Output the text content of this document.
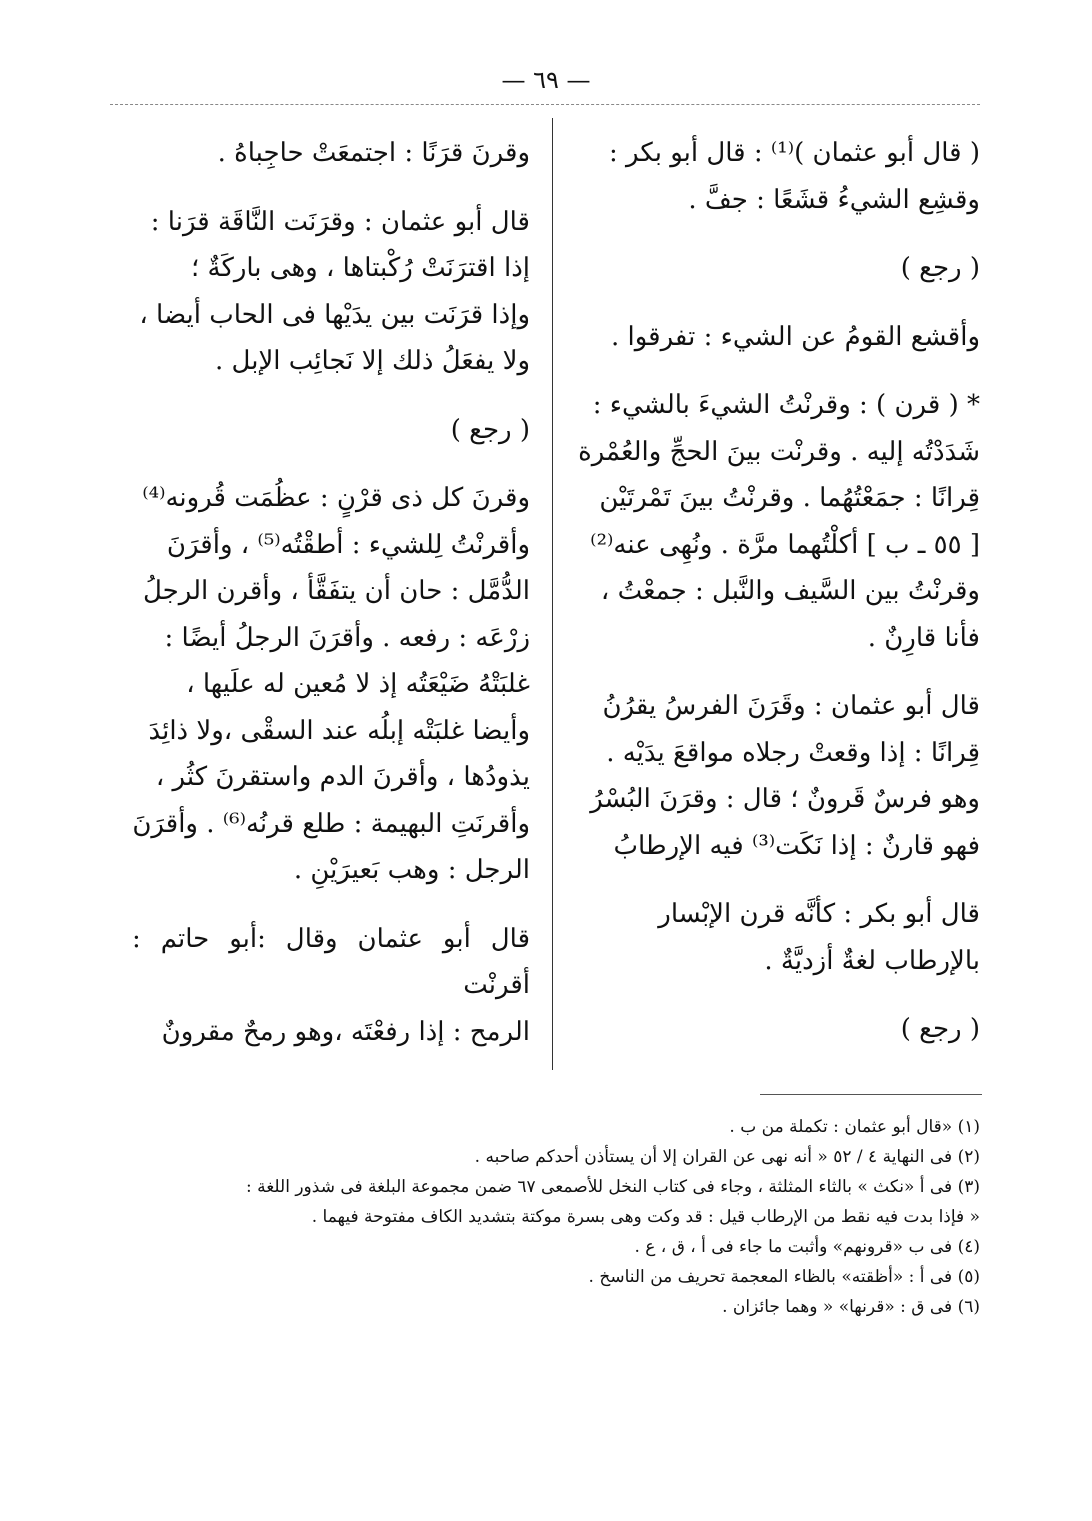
— ٦٩ —

( قال أبو عثمان )⁽¹⁾ : قال أبو بكر :

وقشِع الشيءُ قشَعًا : جفَّ .

( رجع )

وأقشع القومُ عن الشيء : تفرقوا .

* ( قرن ) : وقرنْتُ الشيءَ بالشيء :

شَدَدْتُه إليه . وقرنْت بينَ الحجِّ والعُمْرة

قِرانًا : جمَعْتُهُما . وقرنْتُ بينَ تَمْرتَيْن

[ ٥٥ ـ ب ] أكلْتُهما مرَّة . ونُهِى عنه⁽²⁾

وقرنْتُ بين السَّيف والنَّبل : جمعْتُ ،

فأنا قارِنٌ .

قال أبو عثمان : وقَرَنَ الفرسُ يقرُنُ

قِرانًا : إذا وقعتْ رجلاه مواقعَ يدَيْه .

وهو فرسٌ قَرونٌ ؛ قال : وقرَنَ البُسْرُ

فهو قارنٌ : إذا نَكَت⁽³⁾ فيه الإرطابُ

قال أبو بكر : كأنَّه قرن الإبْسار

بالإرطاب لغةٌ أزديَّةٌ .

( رجع )

وقرنَ قرَنًا : اجتمعَتْ حاجِباهُ .

قال أبو عثمان : وقرَنَت النَّاقَة قرَنا :

إذا اقترَنَتْ رُكْبتاها ، وهى باركَةٌ ؛

وإذا قرَنَت بين يدَيْها فى الحاب أيضا ،

ولا يفعَلُ ذلك إلا نَجائِب الإبل .

( رجع )

وقرنَ كل ذى قرْنٍ : عظُمَت قُرونه⁽⁴⁾

وأقرنْتُ لِلشيء : أطقْتُه⁽⁵⁾ ، وأقرَنَ

الدُّمَّل : حان أن يتفَقَّأ ، وأقرن الرجلُ

زرْعَه : رفعه . وأقرَنَ الرجلُ أيضًا :

غلبَتْهُ ضَيْعَتُه إذ لا مُعين له علَيها ،

وأيضا غلبَتْه إبلُه عند السقْى ،ولا ذائِدَ

يذودُها ، وأقرنَ الدم واستقرنَ كثُر ،

وأقرنَتِ البهيمة : طلع قرنُه⁽⁶⁾ . وأقرَنَ

الرجل : وهب بَعيرَيْنِ .

قال أبو عثمان وقال :أبو حاتم : أقرنْت

الرمح : إذا رفعْتَه ،وهو رمحٌ مقرونٌ

(١) «قال أبو عثمان : تكملة من ب .

(٢) فى النهاية ٤ / ٥٢ « أنه نهى عن القران إلا أن يستأذن أحدكم صاحبه .

(٣) فى أ «نكث » بالثاء المثلثة ، وجاء فى كتاب النخل للأصمعى ٦٧ ضمن مجموعة البلغة فى شذور اللغة :

« فإذا بدت فيه نقط من الإرطاب قيل : قد وكت وهى بسرة موكتة بتشديد الكاف مفتوحة فيهما .

(٤) فى ب «قرونهم» وأثبت ما جاء فى أ ، ق ، ع .

(٥) فى أ : «أظقته» بالظاء المعجمة تحريف من الناسخ .

(٦) فى ق : «قرنها» « وهما جائزان .
